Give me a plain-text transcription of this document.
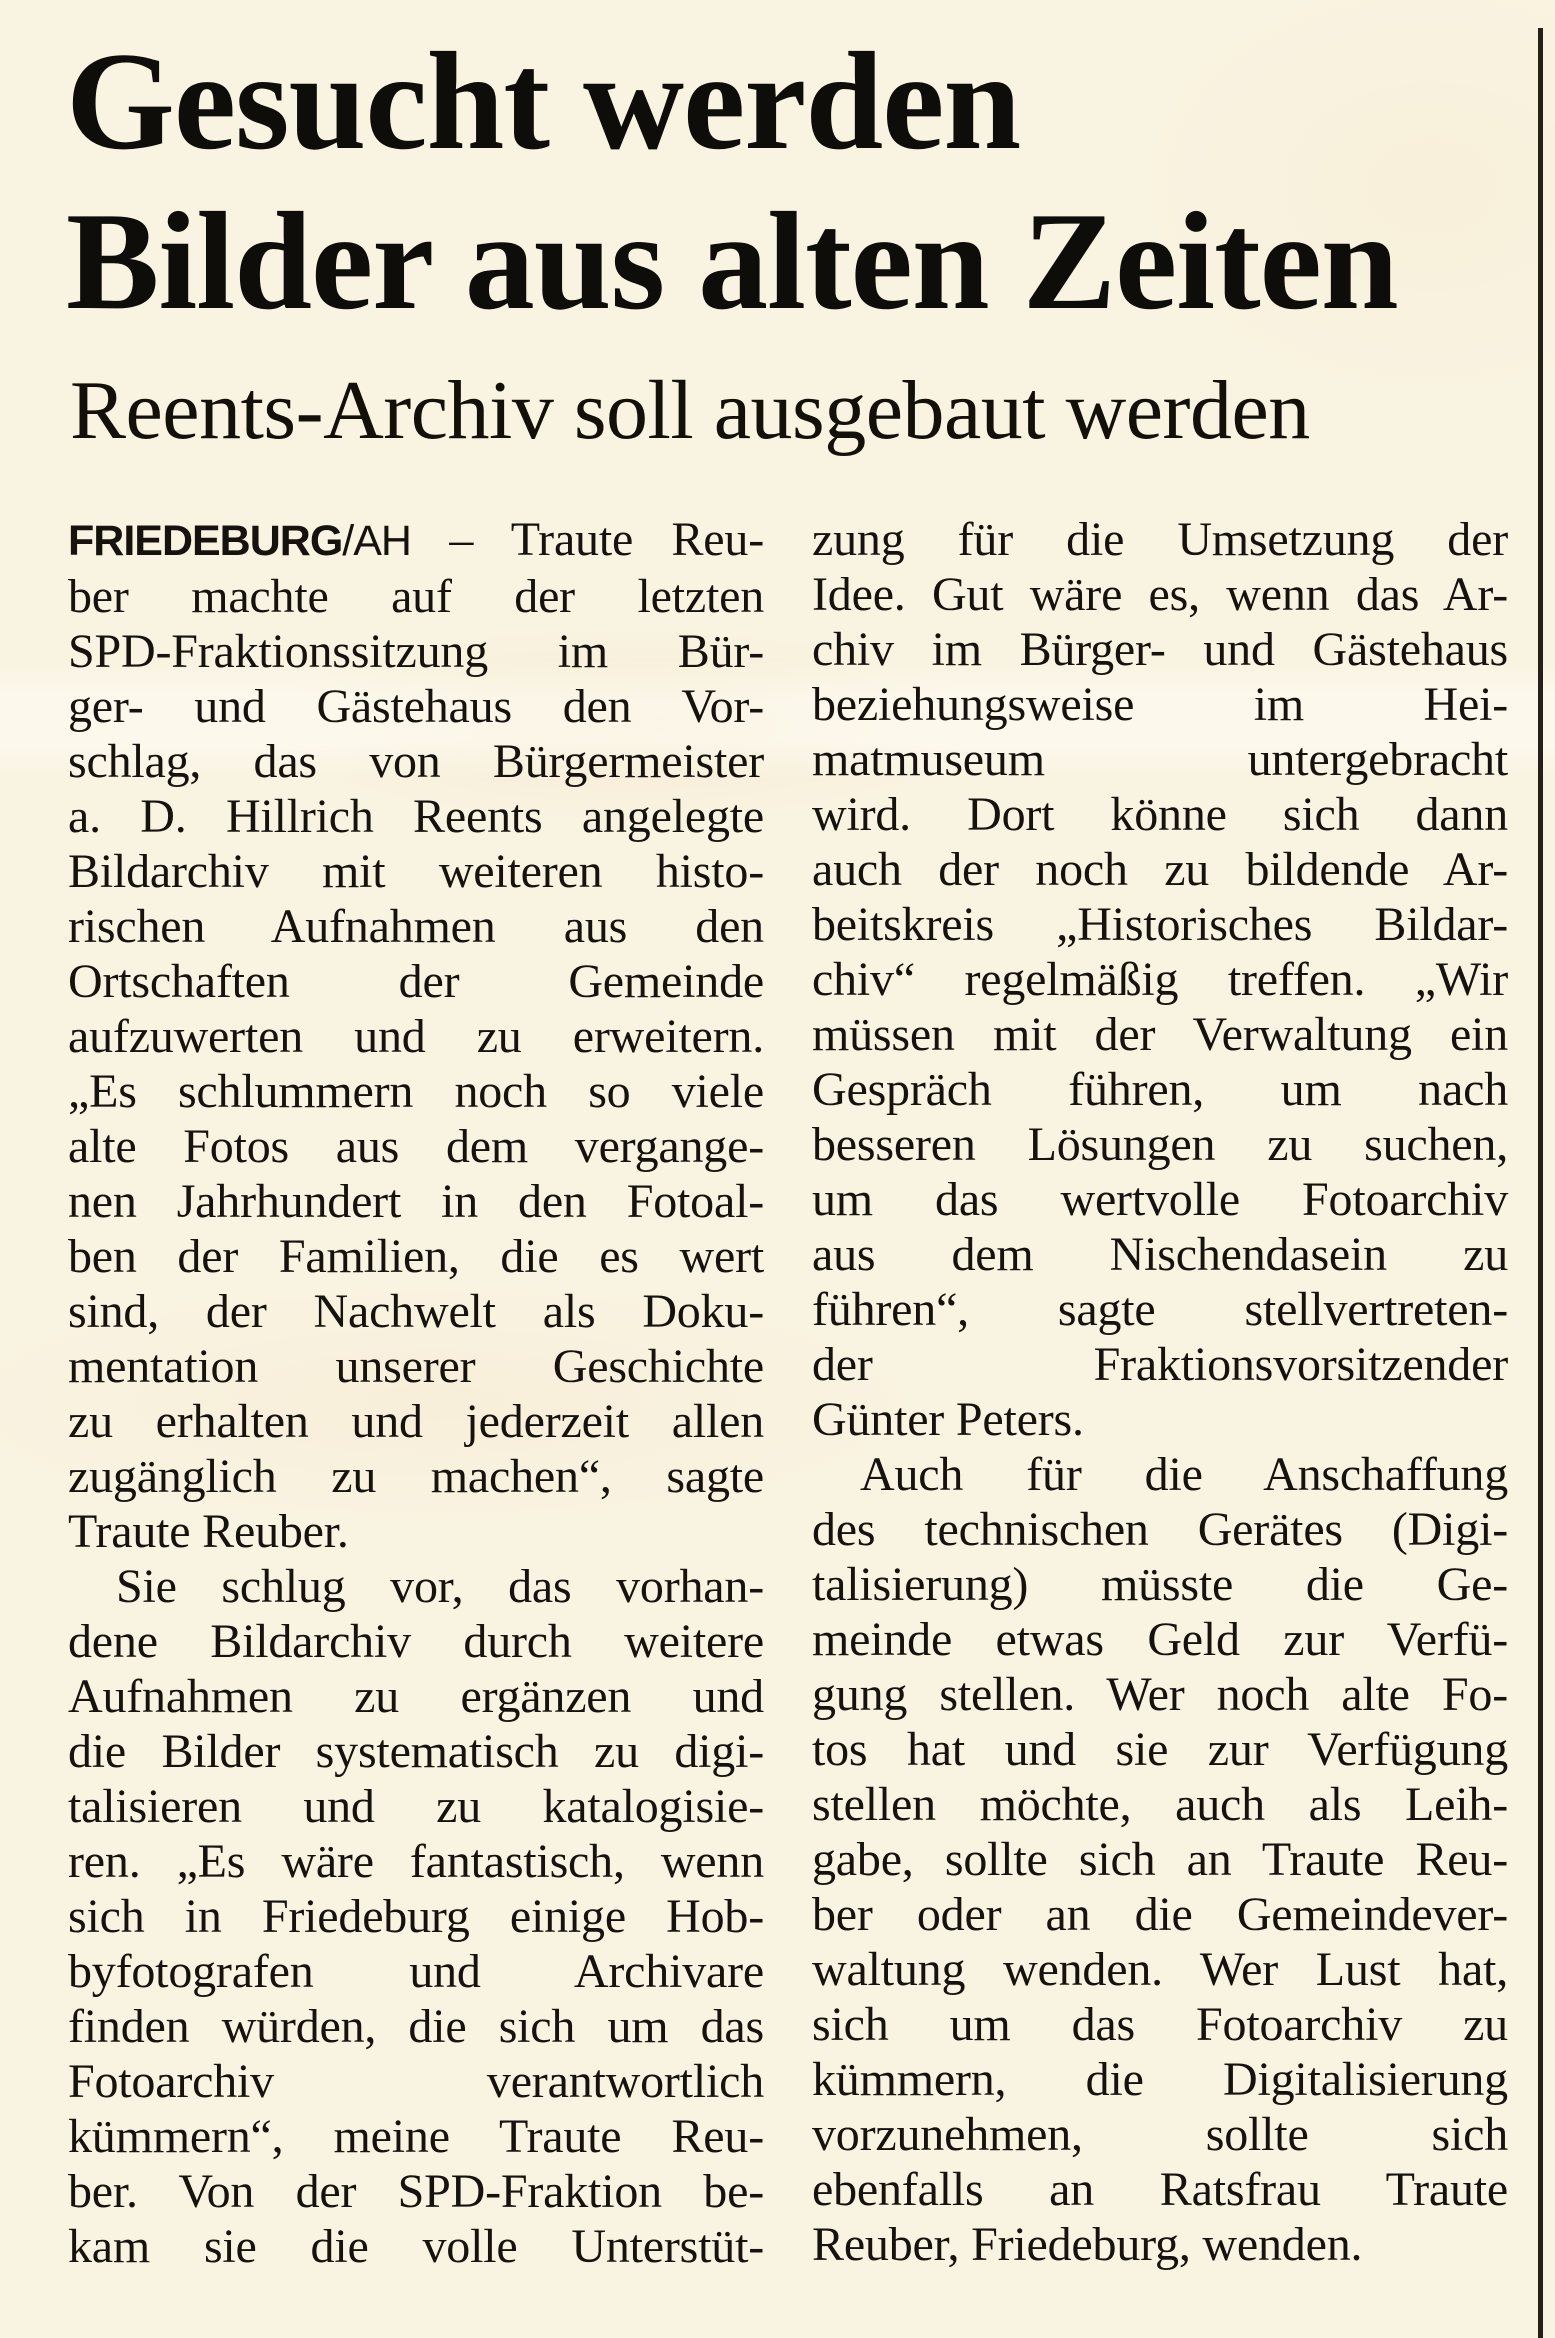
Gesucht werden
Bilder aus alten Zeiten
Reents-Archiv soll ausgebaut werden
FRIEDEBURG/AH – Traute Reu-
ber machte auf der letzten
SPD-Fraktionssitzung im Bür-
ger- und Gästehaus den Vor-
schlag, das von Bürgermeister
a. D. Hillrich Reents angelegte
Bildarchiv mit weiteren histo-
rischen Aufnahmen aus den
Ortschaften der Gemeinde
aufzuwerten und zu erweitern.
„Es schlummern noch so viele
alte Fotos aus dem vergange-
nen Jahrhundert in den Fotoal-
ben der Familien, die es wert
sind, der Nachwelt als Doku-
mentation unserer Geschichte
zu erhalten und jederzeit allen
zugänglich zu machen“, sagte
Traute Reuber.
Sie schlug vor, das vorhan-
dene Bildarchiv durch weitere
Aufnahmen zu ergänzen und
die Bilder systematisch zu digi-
talisieren und zu katalogisie-
ren. „Es wäre fantastisch, wenn
sich in Friedeburg einige Hob-
byfotografen und Archivare
finden würden, die sich um das
Fotoarchiv verantwortlich
kümmern“, meine Traute Reu-
ber. Von der SPD-Fraktion be-
kam sie die volle Unterstüt-
zung für die Umsetzung der
Idee. Gut wäre es, wenn das Ar-
chiv im Bürger- und Gästehaus
beziehungsweise im Hei-
matmuseum untergebracht
wird. Dort könne sich dann
auch der noch zu bildende Ar-
beitskreis „Historisches Bildar-
chiv“ regelmäßig treffen. „Wir
müssen mit der Verwaltung ein
Gespräch führen, um nach
besseren Lösungen zu suchen,
um das wertvolle Fotoarchiv
aus dem Nischendasein zu
führen“, sagte stellvertreten-
der Fraktionsvorsitzender
Günter Peters.
Auch für die Anschaffung
des technischen Gerätes (Digi-
talisierung) müsste die Ge-
meinde etwas Geld zur Verfü-
gung stellen. Wer noch alte Fo-
tos hat und sie zur Verfügung
stellen möchte, auch als Leih-
gabe, sollte sich an Traute Reu-
ber oder an die Gemeindever-
waltung wenden. Wer Lust hat,
sich um das Fotoarchiv zu
kümmern, die Digitalisierung
vorzunehmen, sollte sich
ebenfalls an Ratsfrau Traute
Reuber, Friedeburg, wenden.
